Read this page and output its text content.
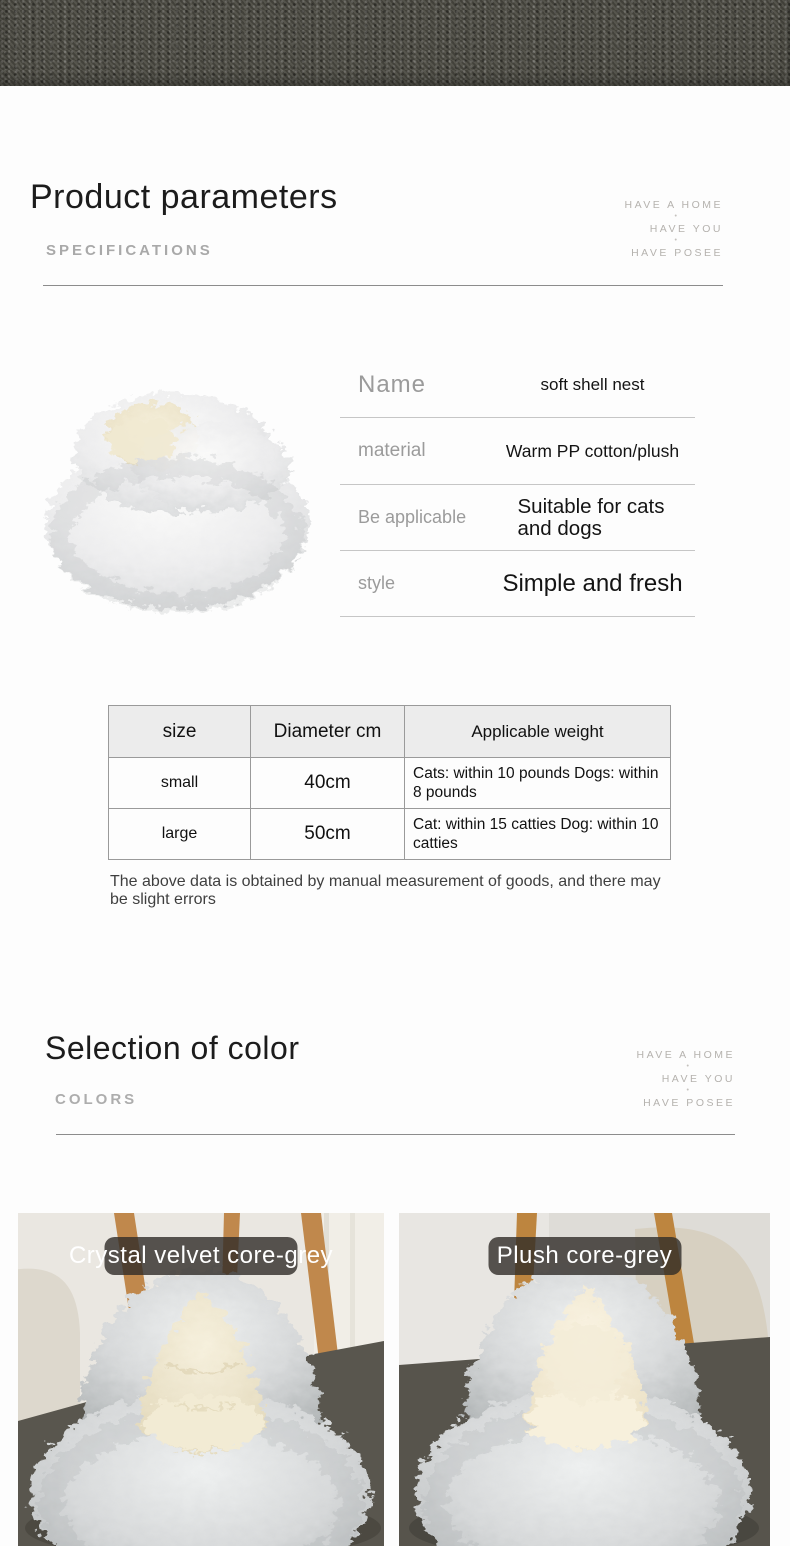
Product parameters
SPECIFICATIONS
HAVE A HOME
•
HAVE YOU
•
HAVE POSEE
Name	soft shell nest
material	Warm PP cotton/plush
Be applicable	Suitable for cats and dogs
style	Simple and fresh
size	Diameter cm	Applicable weight
small	40cm	Cats: within 10 pounds Dogs: within 8 pounds
large	50cm	Cat: within 15 catties Dog: within 10 catties

The above data is obtained by manual measurement of goods, and there may be slight errors

Selection of color
COLORS
HAVE A HOME
•
HAVE YOU
•
HAVE POSEE
Crystal velvet core-grey	Plush core-grey
